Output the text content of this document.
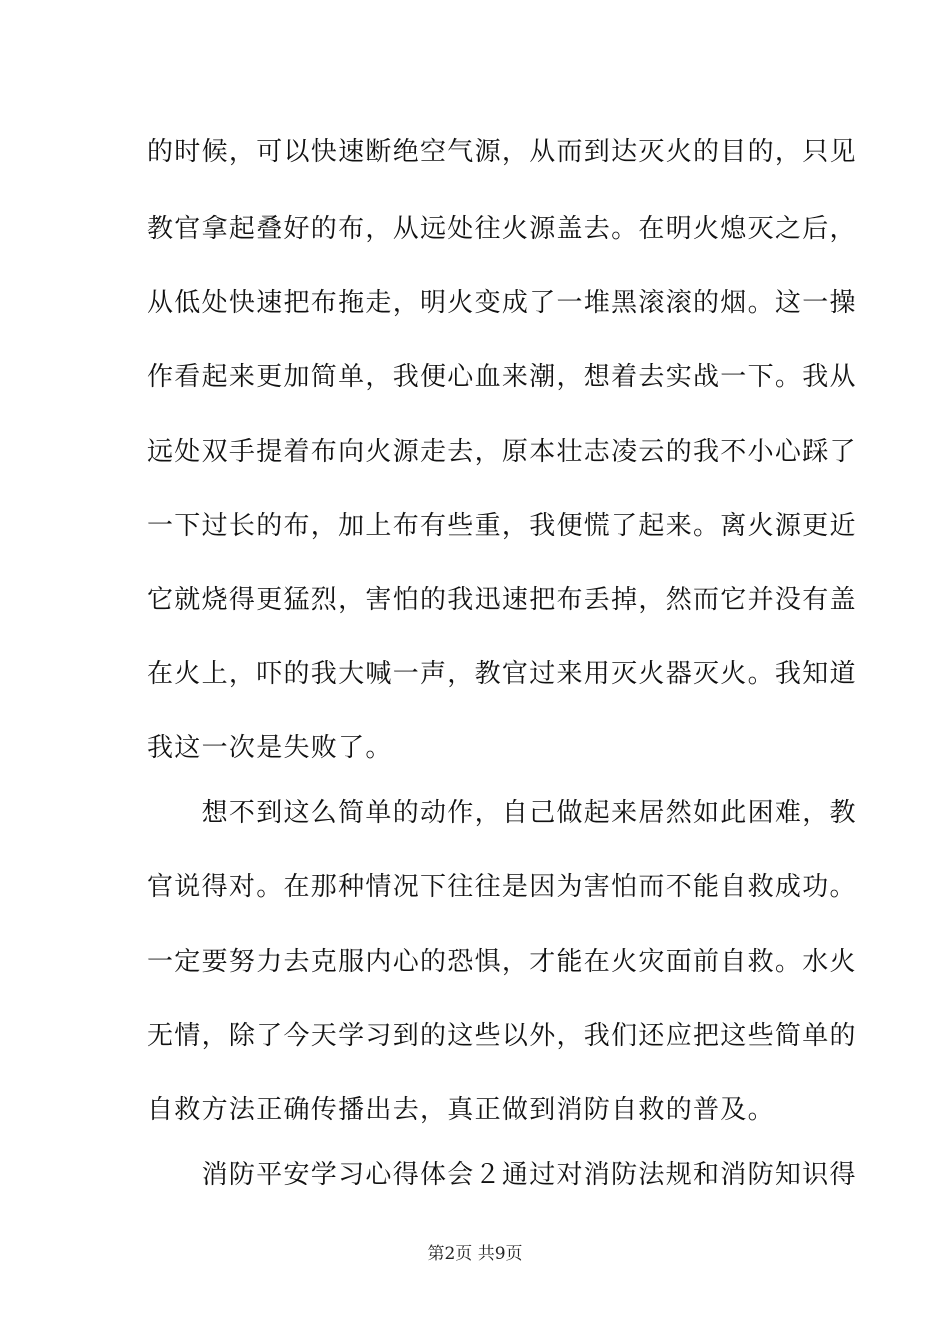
的时候，可以快速断绝空气源，从而到达灭火的目的，只见
教官拿起叠好的布，从远处往火源盖去。在明火熄灭之后，
从低处快速把布拖走，明火变成了一堆黑滚滚的烟。这一操
作看起来更加简单，我便心血来潮，想着去实战一下。我从
远处双手提着布向火源走去，原本壮志凌云的我不小心踩了
一下过长的布，加上布有些重，我便慌了起来。离火源更近
它就烧得更猛烈，害怕的我迅速把布丢掉，然而它并没有盖
在火上，吓的我大喊一声，教官过来用灭火器灭火。我知道
我这一次是失败了。
　　想不到这么简单的动作，自己做起来居然如此困难，教
官说得对。在那种情况下往往是因为害怕而不能自救成功。
一定要努力去克服内心的恐惧，才能在火灾面前自救。水火
无情，除了今天学习到的这些以外，我们还应把这些简单的
自救方法正确传播出去，真正做到消防自救的普及。
　　消防平安学习心得体会２通过对消防法规和消防知识得
第2页 共9页
